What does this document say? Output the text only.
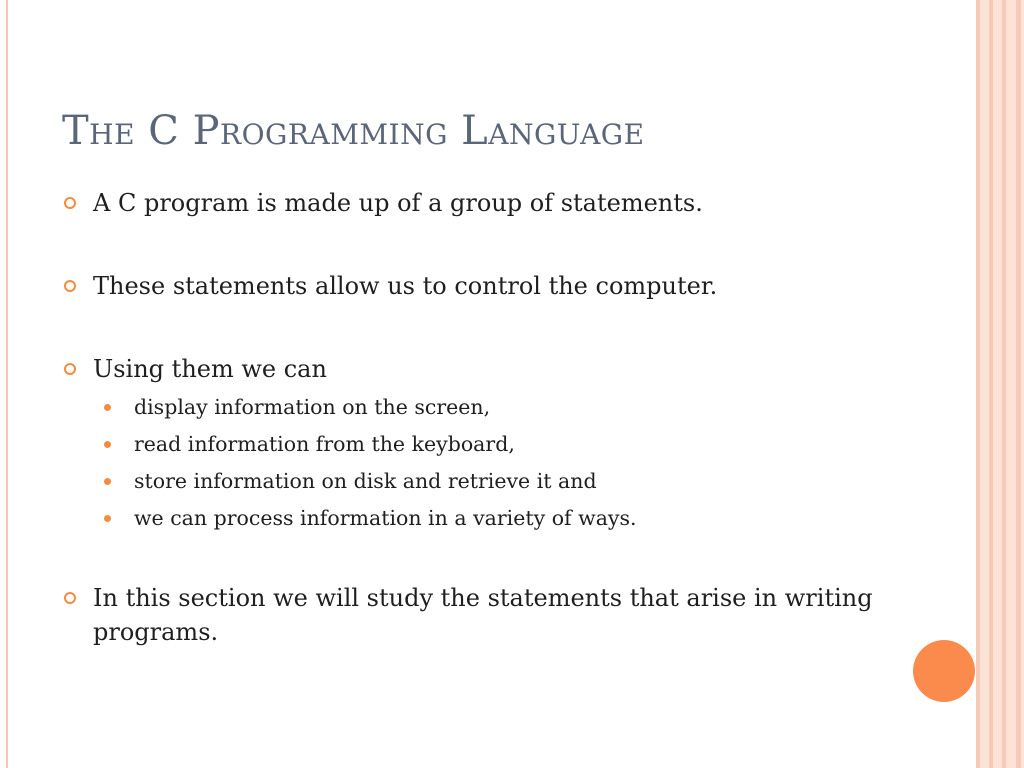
The C Programming Language
A C program is made up of a group of statements.
These statements allow us to control the computer.
Using them we can
display information on the screen,
read information from the keyboard,
store information on disk and retrieve it and
we can process information in a variety of ways.
In this section we will study the statements that arise in writing programs.
